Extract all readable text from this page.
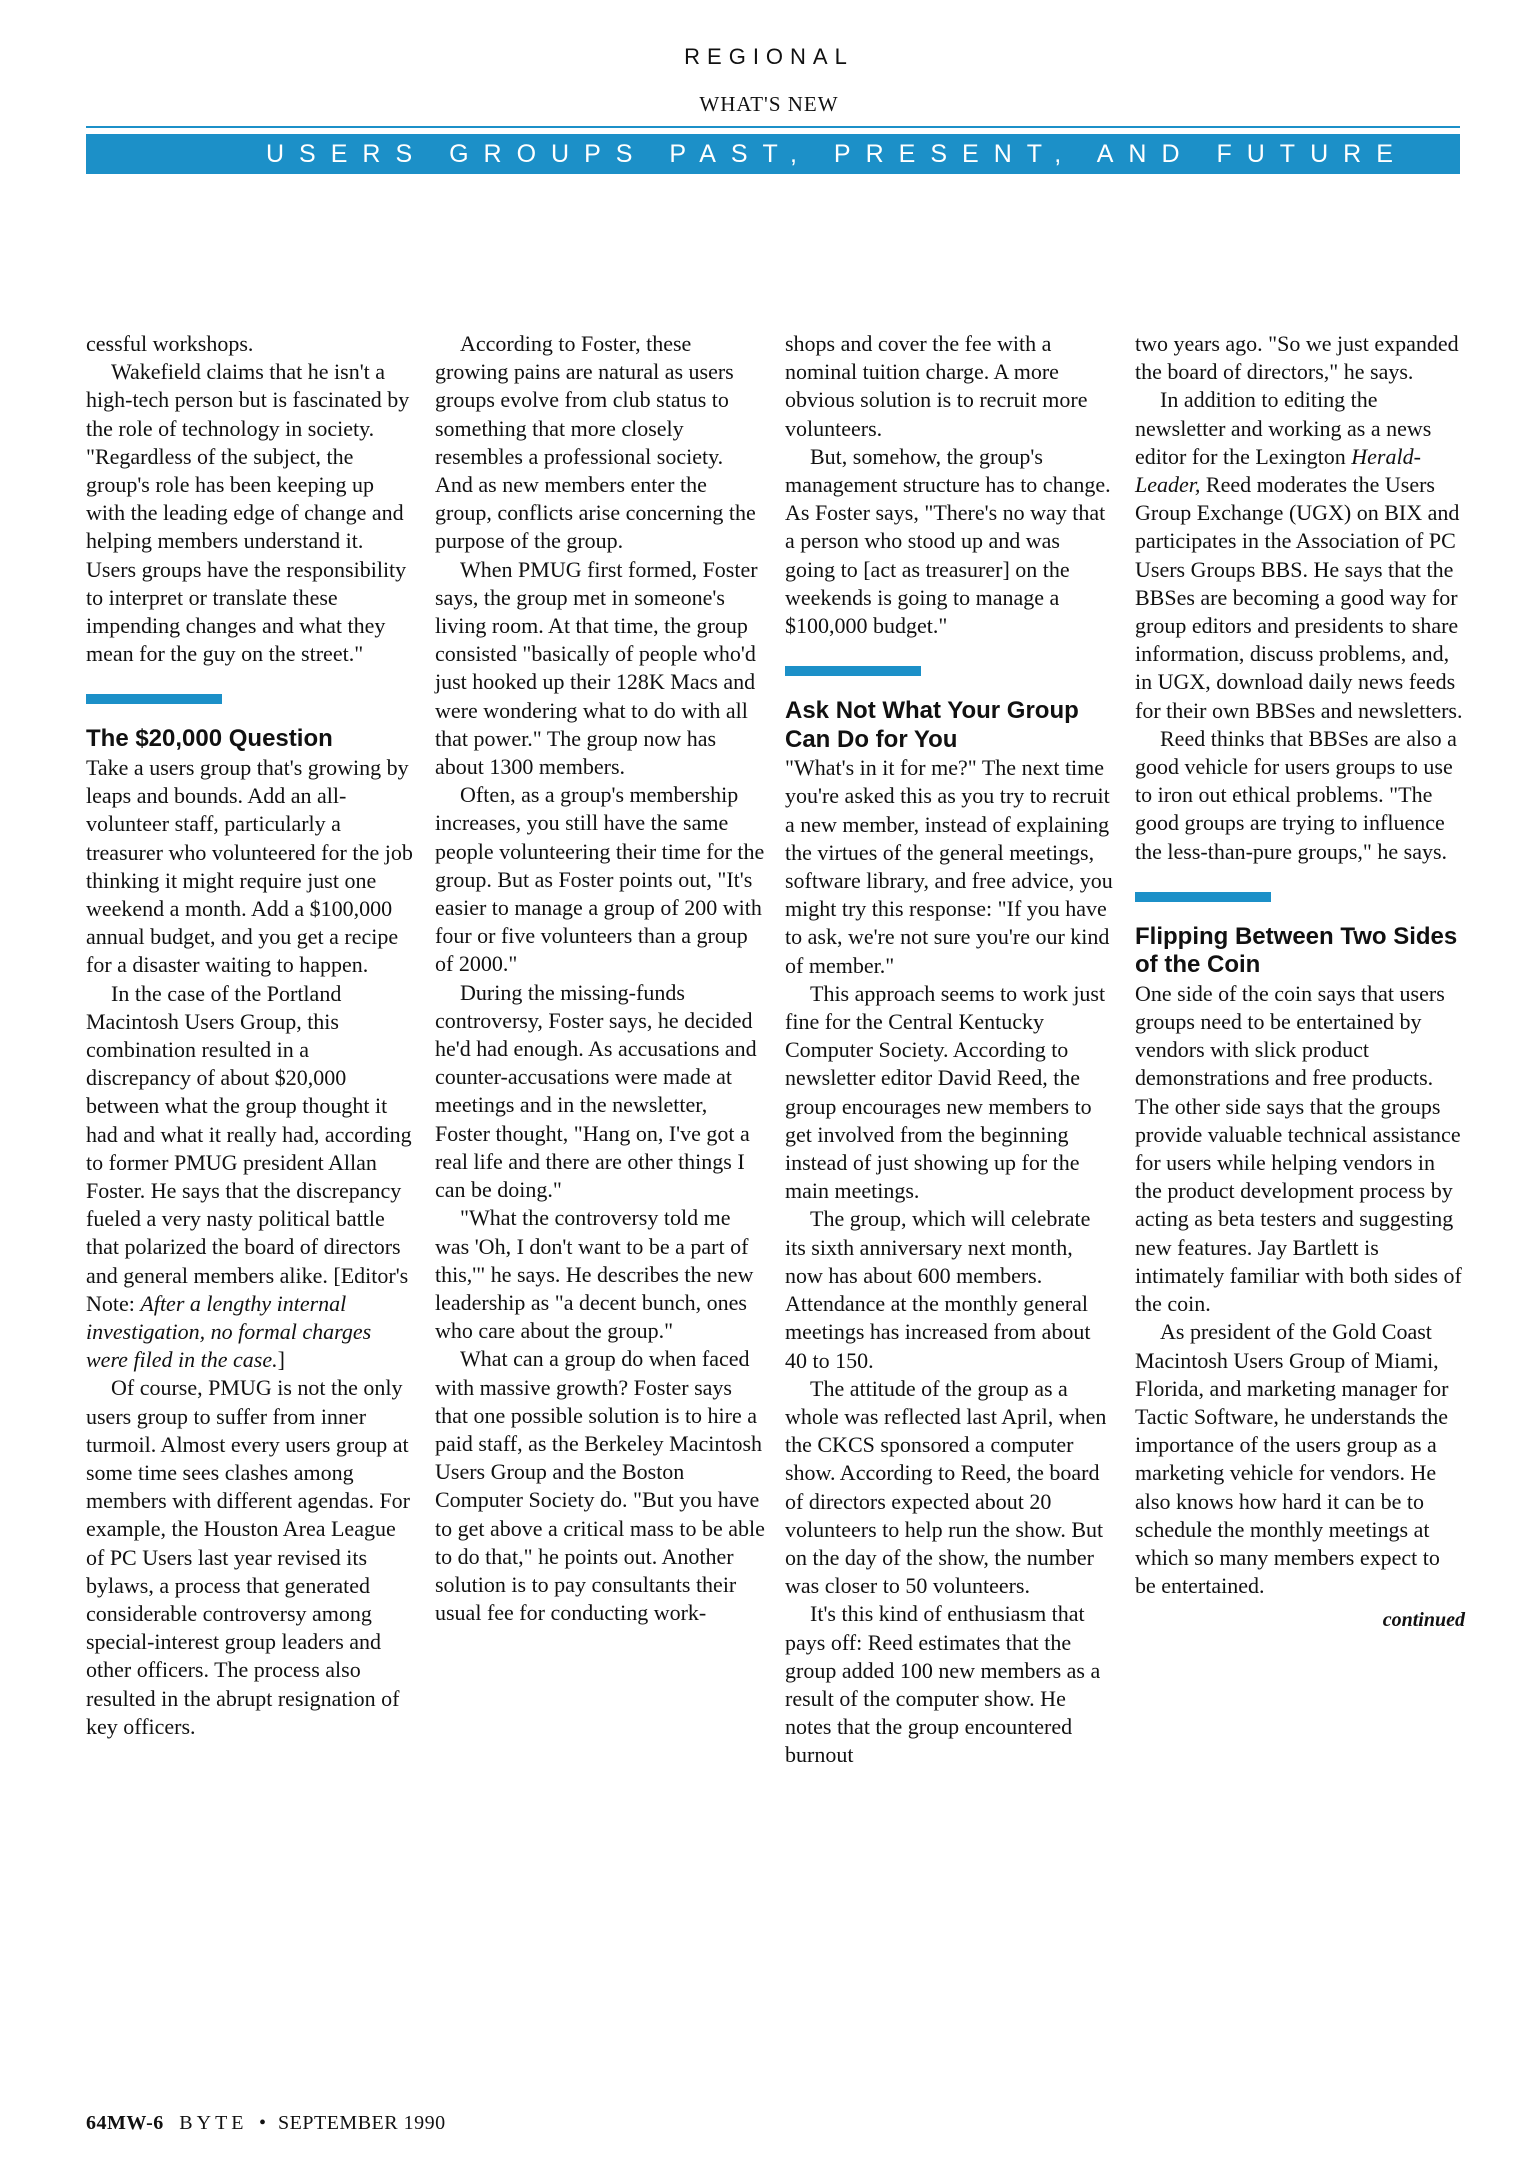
REGIONAL
WHAT'S NEW
USERS GROUPS PAST, PRESENT, AND FUTURE

cessful workshops.

Wakefield claims that he isn't a high-tech person but is fascinated by the role of technology in society. "Regardless of the subject, the group's role has been keeping up with the leading edge of change and helping members understand it. Users groups have the responsibility to interpret or translate these impending changes and what they mean for the guy on the street."

The $20,000 Question

Take a users group that's growing by leaps and bounds. Add an all-volunteer staff, particularly a treasurer who volunteered for the job thinking it might require just one weekend a month. Add a $100,000 annual budget, and you get a recipe for a disaster waiting to happen.

In the case of the Portland Macintosh Users Group, this combination resulted in a discrepancy of about $20,000 between what the group thought it had and what it really had, according to former PMUG president Allan Foster. He says that the discrepancy fueled a very nasty political battle that polarized the board of directors and general members alike. [Editor's Note: After a lengthy internal investigation, no formal charges were filed in the case.]

Of course, PMUG is not the only users group to suffer from inner turmoil. Almost every users group at some time sees clashes among members with different agendas. For example, the Houston Area League of PC Users last year revised its bylaws, a process that generated considerable controversy among special-interest group leaders and other officers. The process also resulted in the abrupt resignation of key officers.

According to Foster, these growing pains are natural as users groups evolve from club status to something that more closely resembles a professional society. And as new members enter the group, conflicts arise concerning the purpose of the group.

When PMUG first formed, Foster says, the group met in someone's living room. At that time, the group consisted "basically of people who'd just hooked up their 128K Macs and were wondering what to do with all that power." The group now has about 1300 members.

Often, as a group's membership increases, you still have the same people volunteering their time for the group. But as Foster points out, "It's easier to manage a group of 200 with four or five volunteers than a group of 2000."

During the missing-funds controversy, Foster says, he decided he'd had enough. As accusations and counter-accusations were made at meetings and in the newsletter, Foster thought, "Hang on, I've got a real life and there are other things I can be doing."

"What the controversy told me was 'Oh, I don't want to be a part of this,'" he says. He describes the new leadership as "a decent bunch, ones who care about the group."

What can a group do when faced with massive growth? Foster says that one possible solution is to hire a paid staff, as the Berkeley Macintosh Users Group and the Boston Computer Society do. "But you have to get above a critical mass to be able to do that," he points out. Another solution is to pay consultants their usual fee for conducting work-

shops and cover the fee with a nominal tuition charge. A more obvious solution is to recruit more volunteers.

But, somehow, the group's management structure has to change. As Foster says, "There's no way that a person who stood up and was going to [act as treasurer] on the weekends is going to manage a $100,000 budget."

Ask Not What Your Group Can Do for You

"What's in it for me?" The next time you're asked this as you try to recruit a new member, instead of explaining the virtues of the general meetings, software library, and free advice, you might try this response: "If you have to ask, we're not sure you're our kind of member."

This approach seems to work just fine for the Central Kentucky Computer Society. According to newsletter editor David Reed, the group encourages new members to get involved from the beginning instead of just showing up for the main meetings.

The group, which will celebrate its sixth anniversary next month, now has about 600 members. Attendance at the monthly general meetings has increased from about 40 to 150.

The attitude of the group as a whole was reflected last April, when the CKCS sponsored a computer show. According to Reed, the board of directors expected about 20 volunteers to help run the show. But on the day of the show, the number was closer to 50 volunteers.

It's this kind of enthusiasm that pays off: Reed estimates that the group added 100 new members as a result of the computer show. He notes that the group encountered burnout

two years ago. "So we just expanded the board of directors," he says.

In addition to editing the newsletter and working as a news editor for the Lexington Herald-Leader, Reed moderates the Users Group Exchange (UGX) on BIX and participates in the Association of PC Users Groups BBS. He says that the BBSes are becoming a good way for group editors and presidents to share information, discuss problems, and, in UGX, download daily news feeds for their own BBSes and newsletters.

Reed thinks that BBSes are also a good vehicle for users groups to use to iron out ethical problems. "The good groups are trying to influence the less-than-pure groups," he says.

Flipping Between Two Sides of the Coin

One side of the coin says that users groups need to be entertained by vendors with slick product demonstrations and free products. The other side says that the groups provide valuable technical assistance for users while helping vendors in the product development process by acting as beta testers and suggesting new features. Jay Bartlett is intimately familiar with both sides of the coin.

As president of the Gold Coast Macintosh Users Group of Miami, Florida, and marketing manager for Tactic Software, he understands the importance of the users group as a marketing vehicle for vendors. He also knows how hard it can be to schedule the monthly meetings at which so many members expect to be entertained.

continued
64MW-6 BYTE • SEPTEMBER 1990
